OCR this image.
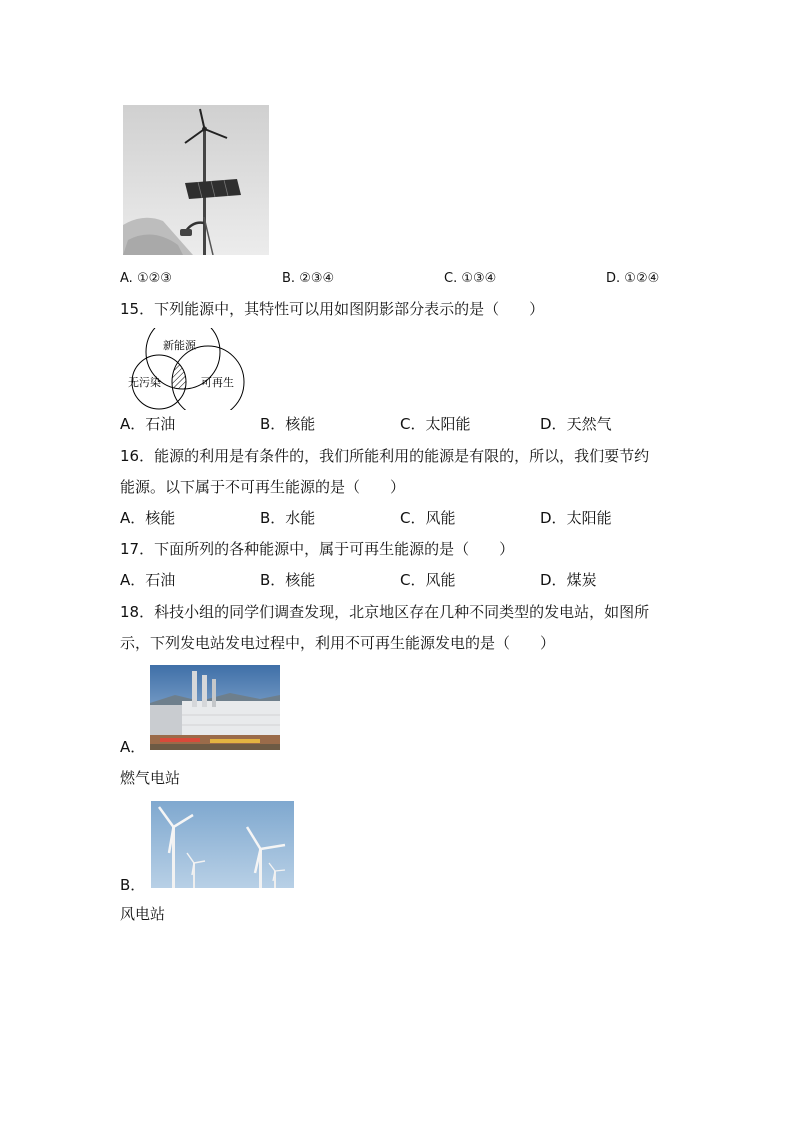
A. ①②③	B. ②③④	C. ①③④	D. ①②④
15．下列能源中，其特性可以用如图阴影部分表示的是（　　）
新能源
无污染	可再生
A．石油	B．核能	C．太阳能	D．天然气
16．能源的利用是有条件的，我们所能利用的能源是有限的，所以，我们要节约
能源。以下属于不可再生能源的是（　　）
A．核能	B．水能	C．风能	D．太阳能
17．下面所列的各种能源中，属于可再生能源的是（　　）
A．石油	B．核能	C．风能	D．煤炭
18．科技小组的同学们调查发现，北京地区存在几种不同类型的发电站，如图所
示，下列发电站发电过程中，利用不可再生能源发电的是（　　）
A．
燃气电站
B．
风电站
